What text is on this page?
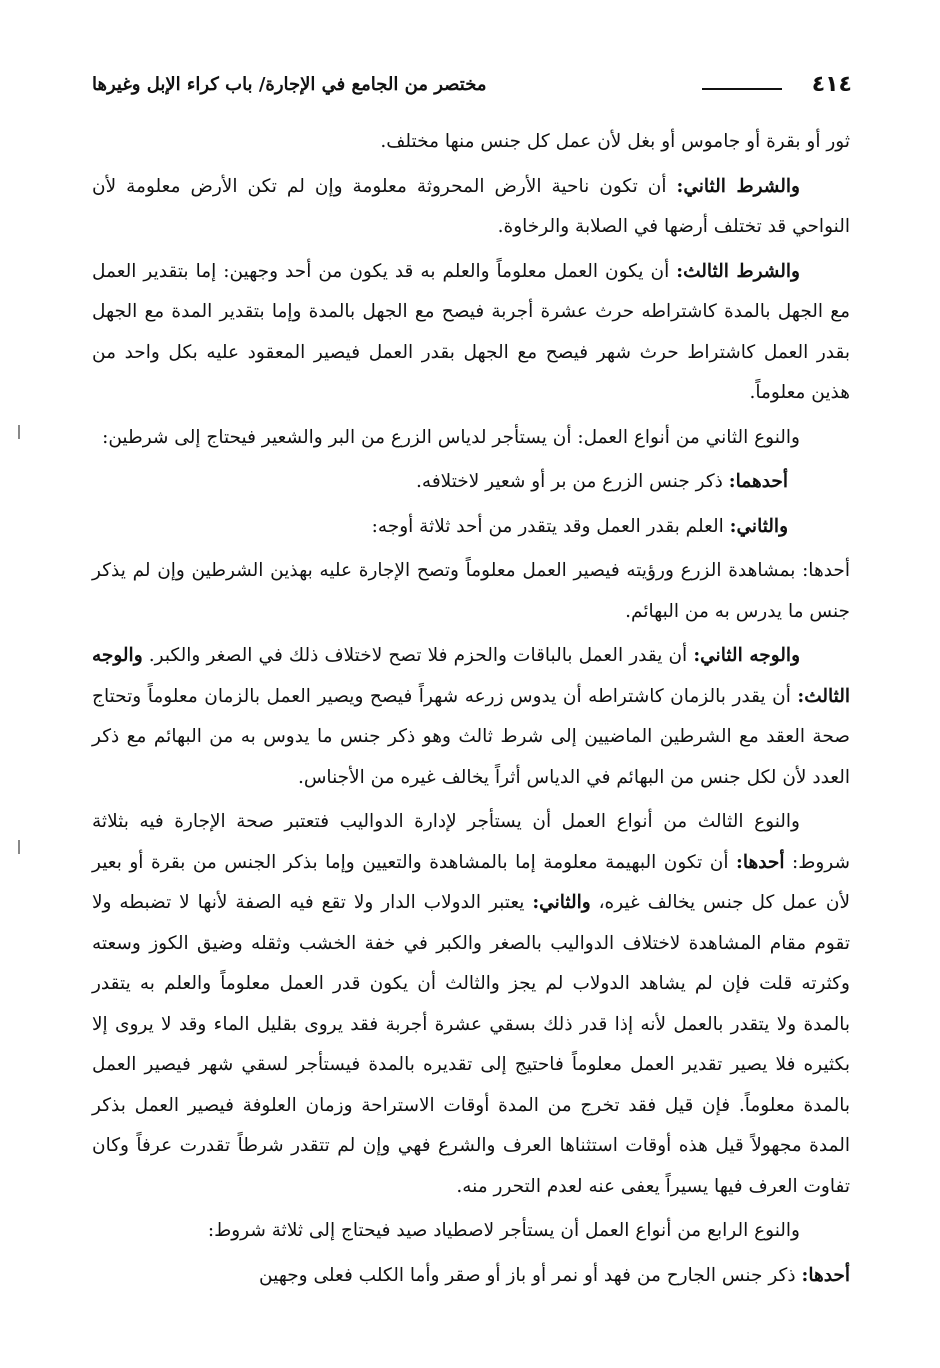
٤١٤
مختصر من الجامع في الإجارة/ باب كراء الإبل وغيرها

ثور أو بقرة أو جاموس أو بغل لأن عمل كل جنس منها مختلف.

والشرط الثاني: أن تكون ناحية الأرض المحروثة معلومة وإن لم تكن الأرض معلومة لأن النواحي قد تختلف أرضها في الصلابة والرخاوة.

والشرط الثالث: أن يكون العمل معلوماً والعلم به قد يكون من أحد وجهين: إما بتقدير العمل مع الجهل بالمدة كاشتراطه حرث عشرة أجربة فيصح مع الجهل بالمدة وإما بتقدير المدة مع الجهل بقدر العمل كاشتراط حرث شهر فيصح مع الجهل بقدر العمل فيصير المعقود عليه بكل واحد من هذين معلوماً.

والنوع الثاني من أنواع العمل: أن يستأجر لدياس الزرع من البر والشعير فيحتاج إلى شرطين:

أحدهما: ذكر جنس الزرع من بر أو شعير لاختلافه.

والثاني: العلم بقدر العمل وقد يتقدر من أحد ثلاثة أوجه:

أحدها: بمشاهدة الزرع ورؤيته فيصير العمل معلوماً وتصح الإجارة عليه بهذين الشرطين وإن لم يذكر جنس ما يدرس به من البهائم.

والوجه الثاني: أن يقدر العمل بالباقات والحزم فلا تصح لاختلاف ذلك في الصغر والكبر. والوجه الثالث: أن يقدر بالزمان كاشتراطه أن يدوس زرعه شهراً فيصح ويصير العمل بالزمان معلوماً وتحتاج صحة العقد مع الشرطين الماضيين إلى شرط ثالث وهو ذكر جنس ما يدوس به من البهائم مع ذكر العدد لأن لكل جنس من البهائم في الدياس أثراً يخالف غيره من الأجناس.

والنوع الثالث من أنواع العمل أن يستأجر لإدارة الدواليب فتعتبر صحة الإجارة فيه بثلاثة شروط: أحدها: أن تكون البهيمة معلومة إما بالمشاهدة والتعيين وإما بذكر الجنس من بقرة أو بعير لأن عمل كل جنس يخالف غيره، والثاني: يعتبر الدولاب الدار ولا تقع فيه الصفة لأنها لا تضبطه ولا تقوم مقام المشاهدة لاختلاف الدواليب بالصغر والكبر في خفة الخشب وثقله وضيق الكوز وسعته وكثرته قلت فإن لم يشاهد الدولاب لم يجز والثالث أن يكون قدر العمل معلوماً والعلم به يتقدر بالمدة ولا يتقدر بالعمل لأنه إذا قدر ذلك بسقي عشرة أجربة فقد يروى بقليل الماء وقد لا يروى إلا بكثيره فلا يصير تقدير العمل معلوماً فاحتيج إلى تقديره بالمدة فيستأجر لسقي شهر فيصير العمل بالمدة معلوماً. فإن قيل فقد تخرج من المدة أوقات الاستراحة وزمان العلوفة فيصير العمل بذكر المدة مجهولاً قيل هذه أوقات استثناها العرف والشرع فهي وإن لم تتقدر شرطاً تقدرت عرفاً وكان تفاوت العرف فيها يسيراً يعفى عنه لعدم التحرر منه.

والنوع الرابع من أنواع العمل أن يستأجر لاصطياد صيد فيحتاج إلى ثلاثة شروط:

أحدها: ذكر جنس الجارح من فهد أو نمر أو باز أو صقر وأما الكلب فعلى وجهين
